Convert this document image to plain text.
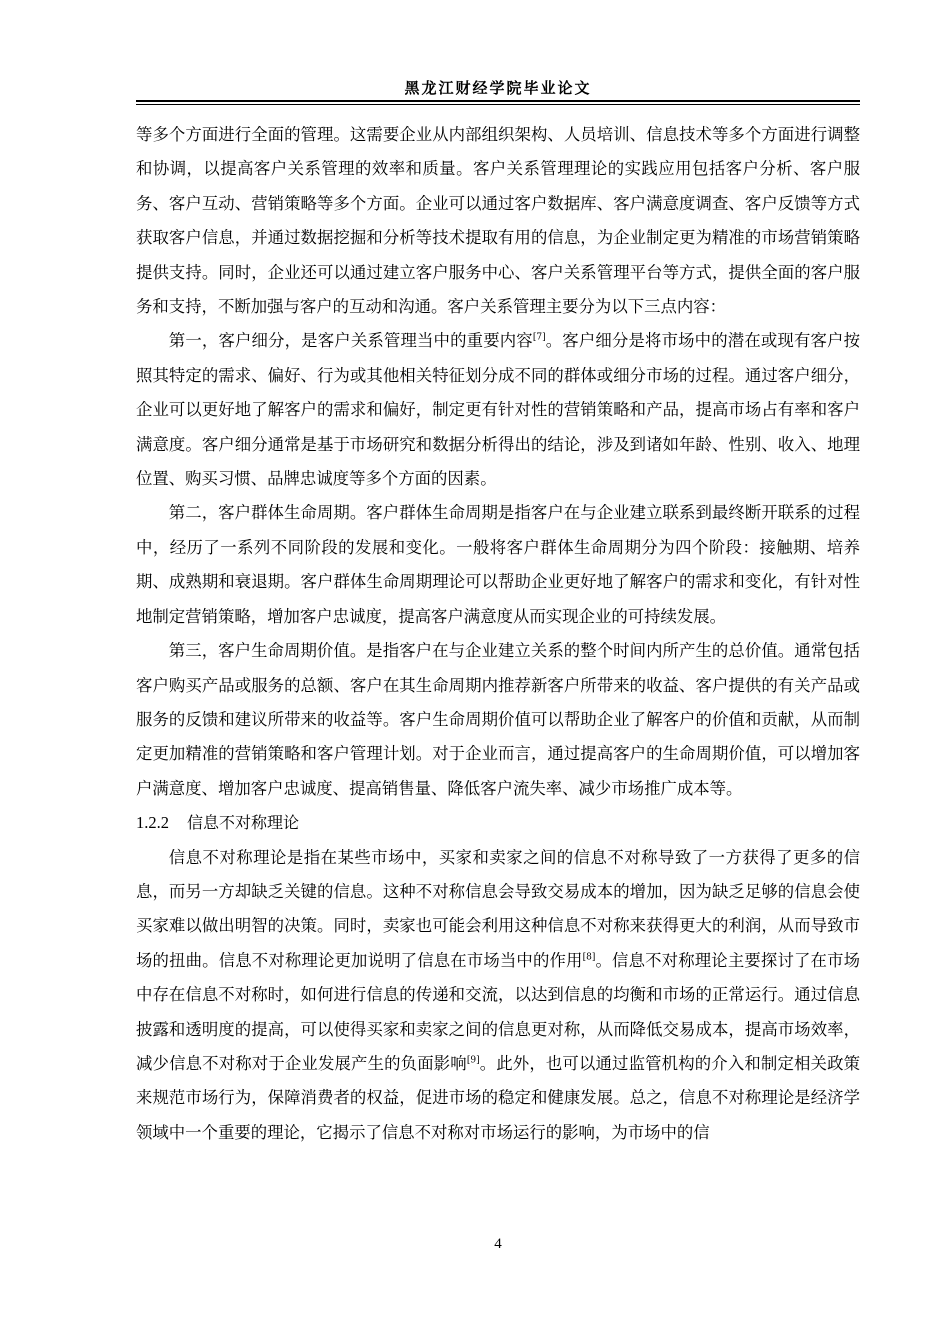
黑龙江财经学院毕业论文

等多个方面进行全面的管理。这需要企业从内部组织架构、人员培训、信息技术等多个方面进行调整和协调，以提高客户关系管理的效率和质量。客户关系管理理论的实践应用包括客户分析、客户服务、客户互动、营销策略等多个方面。企业可以通过客户数据库、客户满意度调查、客户反馈等方式获取客户信息，并通过数据挖掘和分析等技术提取有用的信息，为企业制定更为精准的市场营销策略提供支持。同时，企业还可以通过建立客户服务中心、客户关系管理平台等方式，提供全面的客户服务和支持，不断加强与客户的互动和沟通。客户关系管理主要分为以下三点内容：

第一，客户细分，是客户关系管理当中的重要内容[7]。客户细分是将市场中的潜在或现有客户按照其特定的需求、偏好、行为或其他相关特征划分成不同的群体或细分市场的过程。通过客户细分，企业可以更好地了解客户的需求和偏好，制定更有针对性的营销策略和产品，提高市场占有率和客户满意度。客户细分通常是基于市场研究和数据分析得出的结论，涉及到诸如年龄、性别、收入、地理位置、购买习惯、品牌忠诚度等多个方面的因素。

第二，客户群体生命周期。客户群体生命周期是指客户在与企业建立联系到最终断开联系的过程中，经历了一系列不同阶段的发展和变化。一般将客户群体生命周期分为四个阶段：接触期、培养期、成熟期和衰退期。客户群体生命周期理论可以帮助企业更好地了解客户的需求和变化，有针对性地制定营销策略，增加客户忠诚度，提高客户满意度从而实现企业的可持续发展。

第三，客户生命周期价值。是指客户在与企业建立关系的整个时间内所产生的总价值。通常包括客户购买产品或服务的总额、客户在其生命周期内推荐新客户所带来的收益、客户提供的有关产品或服务的反馈和建议所带来的收益等。客户生命周期价值可以帮助企业了解客户的价值和贡献，从而制定更加精准的营销策略和客户管理计划。对于企业而言，通过提高客户的生命周期价值，可以增加客户满意度、增加客户忠诚度、提高销售量、降低客户流失率、减少市场推广成本等。

1.2.2 信息不对称理论

信息不对称理论是指在某些市场中，买家和卖家之间的信息不对称导致了一方获得了更多的信息，而另一方却缺乏关键的信息。这种不对称信息会导致交易成本的增加，因为缺乏足够的信息会使买家难以做出明智的决策。同时，卖家也可能会利用这种信息不对称来获得更大的利润，从而导致市场的扭曲。信息不对称理论更加说明了信息在市场当中的作用[8]。信息不对称理论主要探讨了在市场中存在信息不对称时，如何进行信息的传递和交流，以达到信息的均衡和市场的正常运行。通过信息披露和透明度的提高，可以使得买家和卖家之间的信息更对称，从而降低交易成本，提高市场效率，减少信息不对称对于企业发展产生的负面影响[9]。此外，也可以通过监管机构的介入和制定相关政策来规范市场行为，保障消费者的权益，促进市场的稳定和健康发展。总之，信息不对称理论是经济学领域中一个重要的理论，它揭示了信息不对称对市场运行的影响，为市场中的信

4
